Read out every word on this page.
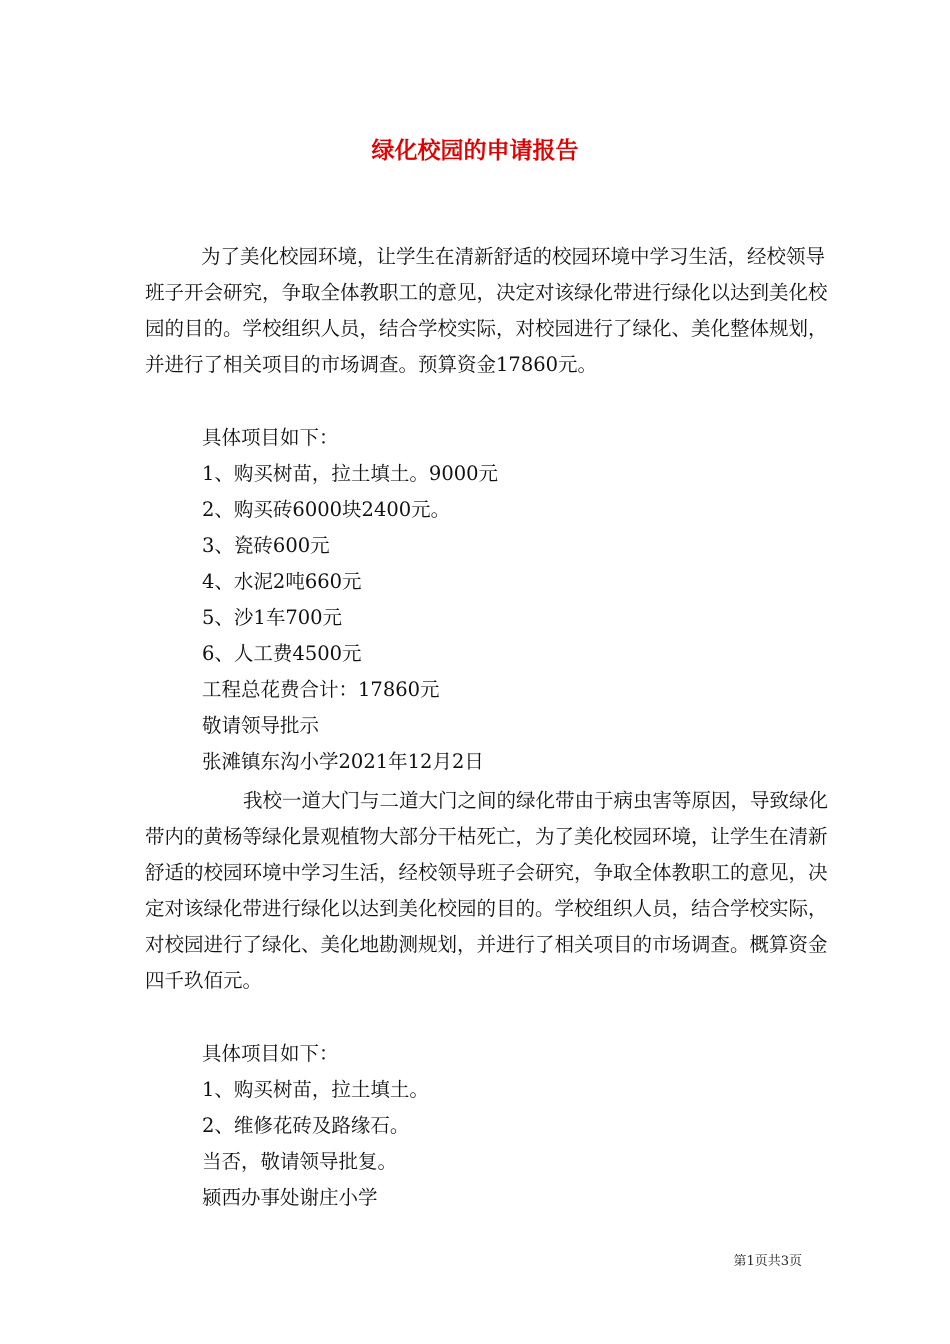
绿化校园的申请报告

为了美化校园环境，让学生在清新舒适的校园环境中学习生活，经校领导班子开会研究，争取全体教职工的意见，决定对该绿化带进行绿化以达到美化校园的目的。学校组织人员，结合学校实际，对校园进行了绿化、美化整体规划，并进行了相关项目的市场调查。预算资金17860元。

具体项目如下：

1、购买树苗，拉土填土。9000元

2、购买砖6000块2400元。

3、瓷砖600元

4、水泥2吨660元

5、沙1车700元

6、人工费4500元

工程总花费合计：17860元

敬请领导批示

张滩镇东沟小学2021年12月2日

我校一道大门与二道大门之间的绿化带由于病虫害等原因，导致绿化带内的黄杨等绿化景观植物大部分干枯死亡，为了美化校园环境，让学生在清新舒适的校园环境中学习生活，经校领导班子会研究，争取全体教职工的意见，决定对该绿化带进行绿化以达到美化校园的目的。学校组织人员，结合学校实际，对校园进行了绿化、美化地勘测规划，并进行了相关项目的市场调查。概算资金四千玖佰元。

具体项目如下：

1、购买树苗，拉土填土。

2、维修花砖及路缘石。

当否，敬请领导批复。

颍西办事处谢庄小学

第1页共3页
